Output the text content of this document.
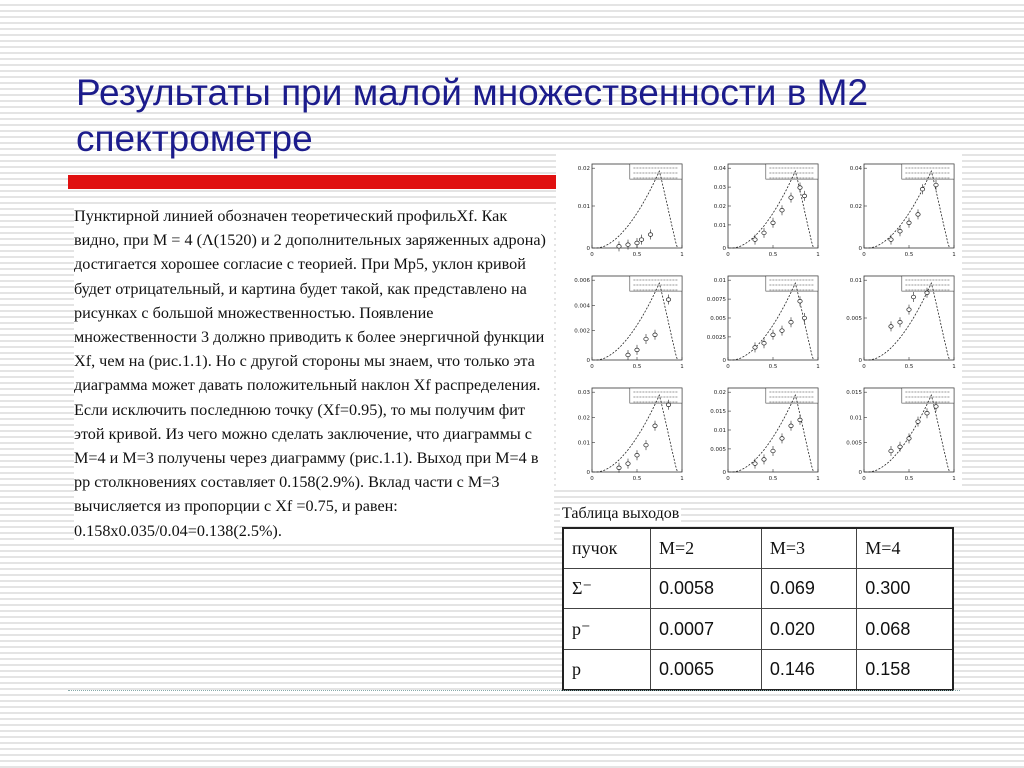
Результаты при малой множественности в М2 спектрометре
Пунктирной линией обозначен теоретический профильXf. Как видно, при M = 4 (Λ(1520) и 2 дополнительных заряженных адрона) достигается хорошее согласие с теорией. При Мр5, уклон кривой будет отрицательный, и картина будет такой, как представлено на рисунках с большой множественностью. Появление множественности 3 должно приводить к более энергичной функции Xf, чем на (рис.1.1). Но с другой стороны мы знаем, что только эта диаграмма может давать положительный наклон Xf распределения. Если исключить последнюю точку (Xf=0.95), то мы получим фит этой кривой. Из чего можно сделать заключение, что диаграммы с M=4 и M=3 получены через диаграмму (рис.1.1). Выход при M=4 в pp столкновениях составляет 0.158(2.9%). Вклад части с M=3 вычисляется из пропорции с Xf =0.75, и равен: 0.158x0.035/0.04=0.138(2.5%).
0.02
0.01
0
0	0.5	1
0.04
0.03
0.02
0.01
0
0	0.5	1
0.04
0.02
0
0	0.5	1
0.006
0.004
0.002
0
0	0.5	1
0.01
0.0075
0.005
0.0025
0
0	0.5	1
0.01
0.005
0
0	0.5	1
0.03
0.02
0.01
0
0	0.5	1
0.02
0.015
0.01
0.005
0
0	0.5	1
0.015
0.01
0.005
0
0	0.5	1
Таблица выходов
пучок	M=2	M=3	M=4
Σ⁻	0.0058	0.069	0.300
p⁻	0.0007	0.020	0.068
p	0.0065	0.146	0.158
